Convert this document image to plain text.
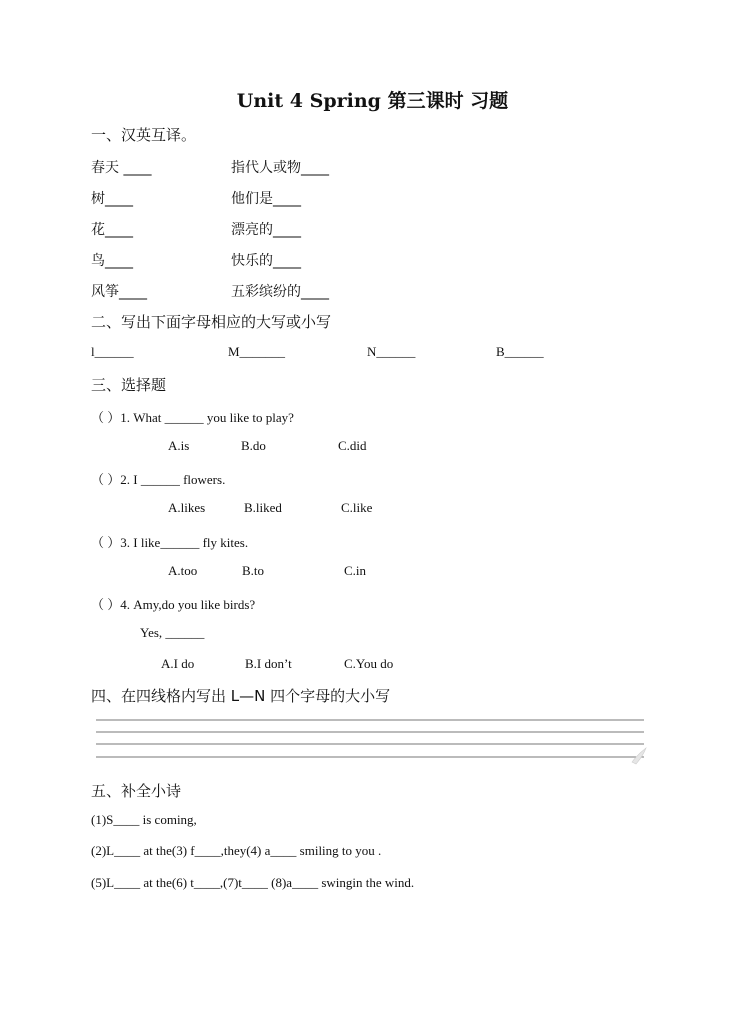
Unit 4 Spring 第三课时 习题
一、汉英互译。
春天 ____	指代人或物____
树____	他们是____
花____	漂亮的____
鸟____	快乐的____
风筝____	五彩缤纷的____
二、写出下面字母相应的大写或小写
l______	M_______	N______	B______
三、选择题
（ ）1. What ______ you like to play?
A.is	B.do	C.did
（ ）2. I ______ flowers.
A.likes	B.liked	C.like
（ ）3. I like______ fly kites.
A.too	B.to	C.in
（ ）4. Amy,do you like birds?
Yes, ______
A.I do	B.I don’t	C.You do
四、在四线格内写出 L—N 四个字母的大小写
五、补全小诗
(1)S____ is coming,
(2)L____ at the(3) f____,they(4) a____ smiling to you .
(5)L____ at the(6) t____,(7)t____ (8)a____ swingin the wind.
